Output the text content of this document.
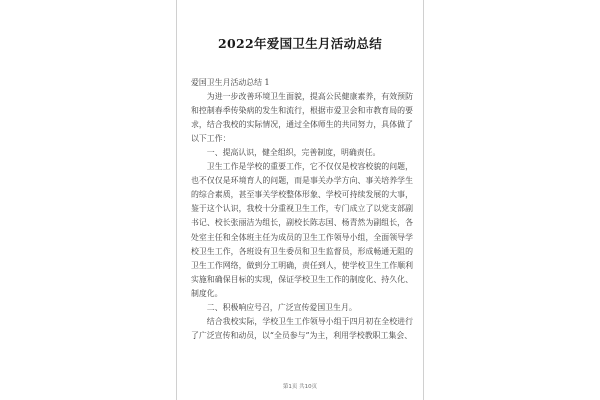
2022年爱国卫生月活动总结

爱国卫生月活动总结 1

为进一步改善环境卫生面貌，提高公民健康素养，有效预防和控制春季传染病的发生和流行，根据市爱卫会和市教育局的要求，结合我校的实际情况，通过全体师生的共同努力，具体做了以下工作：

一、提高认识，健全组织，完善制度，明确责任。

卫生工作是学校的重要工作，它不仅仅是校容校貌的问题，也不仅仅是环境育人的问题，而是事关办学方向、事关培养学生的综合素质，甚至事关学校整体形象、学校可持续发展的大事，鉴于这个认识，我校十分重视卫生工作，专门成立了以党支部副书记、校长张丽洁为组长，副校长陈志国、杨青然为副组长，各处室主任和全体班主任为成员的卫生工作领导小组，全面领导学校卫生工作，各班设有卫生委员和卫生监督员，形成畅通无阻的卫生工作网络，做到分工明确，责任到人，使学校卫生工作顺利实施和确保目标的实现，保证学校卫生工作的制度化、持久化、制度化。

二、积极响应号召，广泛宣传爱国卫生月。

结合我校实际，学校卫生工作领导小组于四月初在全校进行了广泛宣传和动员，以“全员参与”为主，利用学校教职工集会、

第1页 共10页
